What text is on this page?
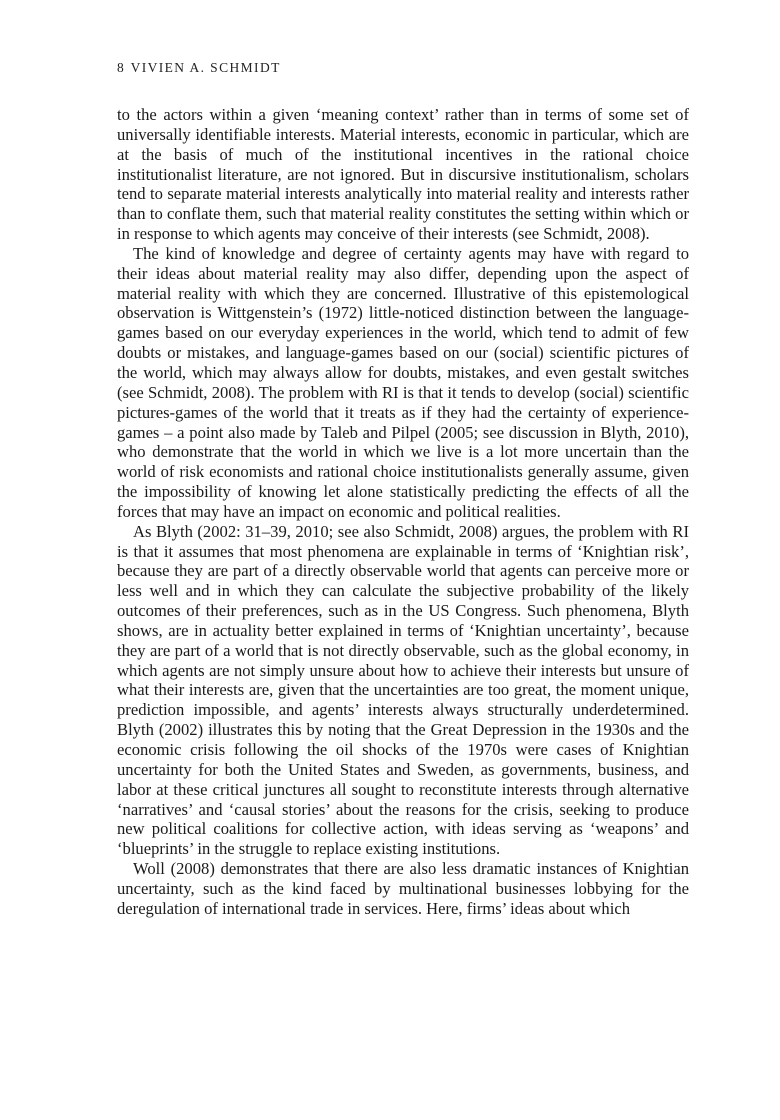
8 VIVIEN A. SCHMIDT

to the actors within a given ‘meaning context’ rather than in terms of some set of universally identifiable interests. Material interests, economic in particular, which are at the basis of much of the institutional incentives in the rational choice institutionalist literature, are not ignored. But in discursive institutionalism, scholars tend to separate material interests analytically into material reality and interests rather than to conflate them, such that material reality constitutes the setting within which or in response to which agents may conceive of their interests (see Schmidt, 2008).

The kind of knowledge and degree of certainty agents may have with regard to their ideas about material reality may also differ, depending upon the aspect of material reality with which they are concerned. Illustrative of this epistemological observation is Wittgenstein’s (1972) little-noticed distinction between the language-games based on our everyday experiences in the world, which tend to admit of few doubts or mistakes, and language-games based on our (social) scientific pictures of the world, which may always allow for doubts, mistakes, and even gestalt switches (see Schmidt, 2008). The problem with RI is that it tends to develop (social) scientific pictures-games of the world that it treats as if they had the certainty of experience-games – a point also made by Taleb and Pilpel (2005; see discussion in Blyth, 2010), who demonstrate that the world in which we live is a lot more uncertain than the world of risk economists and rational choice institutionalists generally assume, given the impossibility of knowing let alone statistically predicting the effects of all the forces that may have an impact on economic and political realities.

As Blyth (2002: 31–39, 2010; see also Schmidt, 2008) argues, the problem with RI is that it assumes that most phenomena are explainable in terms of ‘Knightian risk’, because they are part of a directly observable world that agents can perceive more or less well and in which they can calculate the subjective probability of the likely outcomes of their preferences, such as in the US Congress. Such phenomena, Blyth shows, are in actuality better explained in terms of ‘Knightian uncertainty’, because they are part of a world that is not directly observable, such as the global economy, in which agents are not simply unsure about how to achieve their interests but unsure of what their interests are, given that the uncertainties are too great, the moment unique, prediction impossible, and agents’ interests always structurally underdetermined. Blyth (2002) illustrates this by noting that the Great Depression in the 1930s and the economic crisis following the oil shocks of the 1970s were cases of Knightian uncertainty for both the United States and Sweden, as governments, business, and labor at these critical junctures all sought to reconstitute interests through alternative ‘narratives’ and ‘causal stories’ about the reasons for the crisis, seeking to produce new political coalitions for collective action, with ideas serving as ‘weapons’ and ‘blueprints’ in the struggle to replace existing institutions.

Woll (2008) demonstrates that there are also less dramatic instances of Knightian uncertainty, such as the kind faced by multinational businesses lobbying for the deregulation of international trade in services. Here, firms’ ideas about which
